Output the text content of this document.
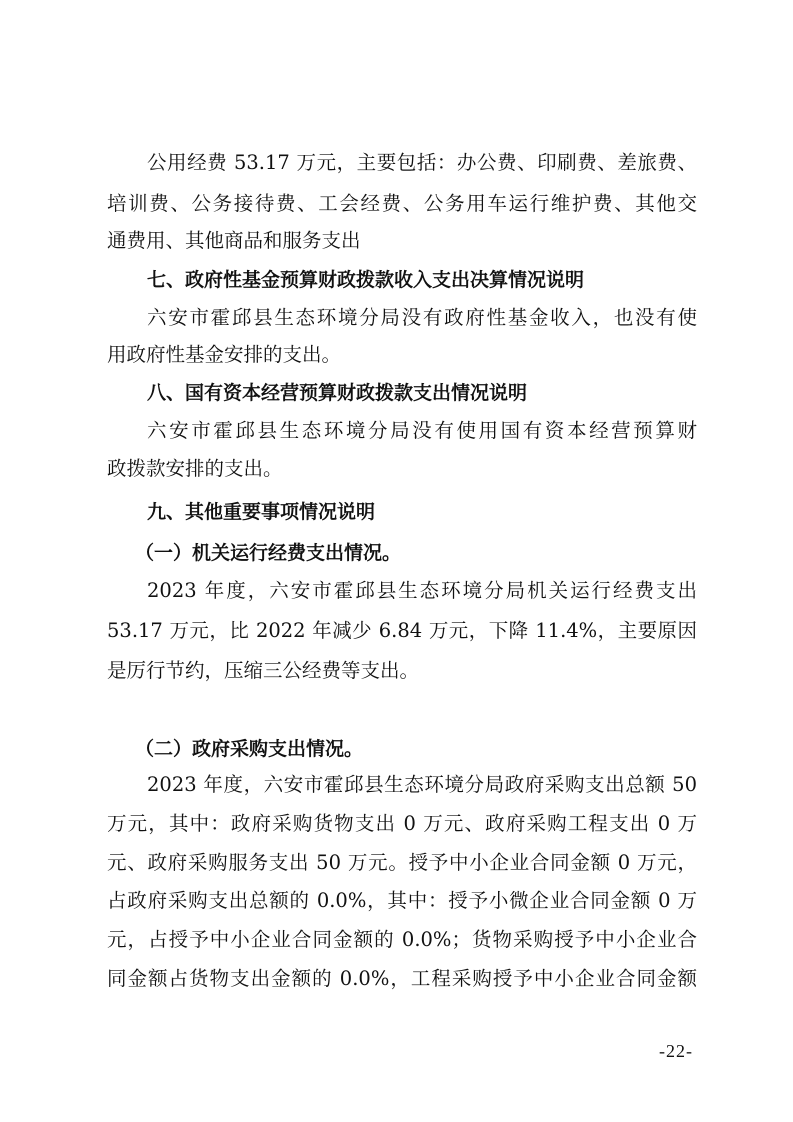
公用经费 53.17 万元，主要包括：办公费、印刷费、差旅费、
培训费、公务接待费、工会经费、公务用车运行维护费、其他交
通费用、其他商品和服务支出
七、政府性基金预算财政拨款收入支出决算情况说明
六安市霍邱县生态环境分局没有政府性基金收入，也没有使
用政府性基金安排的支出。
八、国有资本经营预算财政拨款支出情况说明
六安市霍邱县生态环境分局没有使用国有资本经营预算财
政拨款安排的支出。
九、其他重要事项情况说明
（一）机关运行经费支出情况。
2023 年度，六安市霍邱县生态环境分局机关运行经费支出
53.17 万元，比 2022 年减少 6.84 万元，下降 11.4%，主要原因
是厉行节约，压缩三公经费等支出。
（二）政府采购支出情况。
2023 年度，六安市霍邱县生态环境分局政府采购支出总额 50
万元，其中：政府采购货物支出 0 万元、政府采购工程支出 0 万
元、政府采购服务支出 50 万元。授予中小企业合同金额 0 万元，
占政府采购支出总额的 0.0%，其中：授予小微企业合同金额 0 万
元，占授予中小企业合同金额的 0.0%；货物采购授予中小企业合
同金额占货物支出金额的 0.0%，工程采购授予中小企业合同金额
-22-
